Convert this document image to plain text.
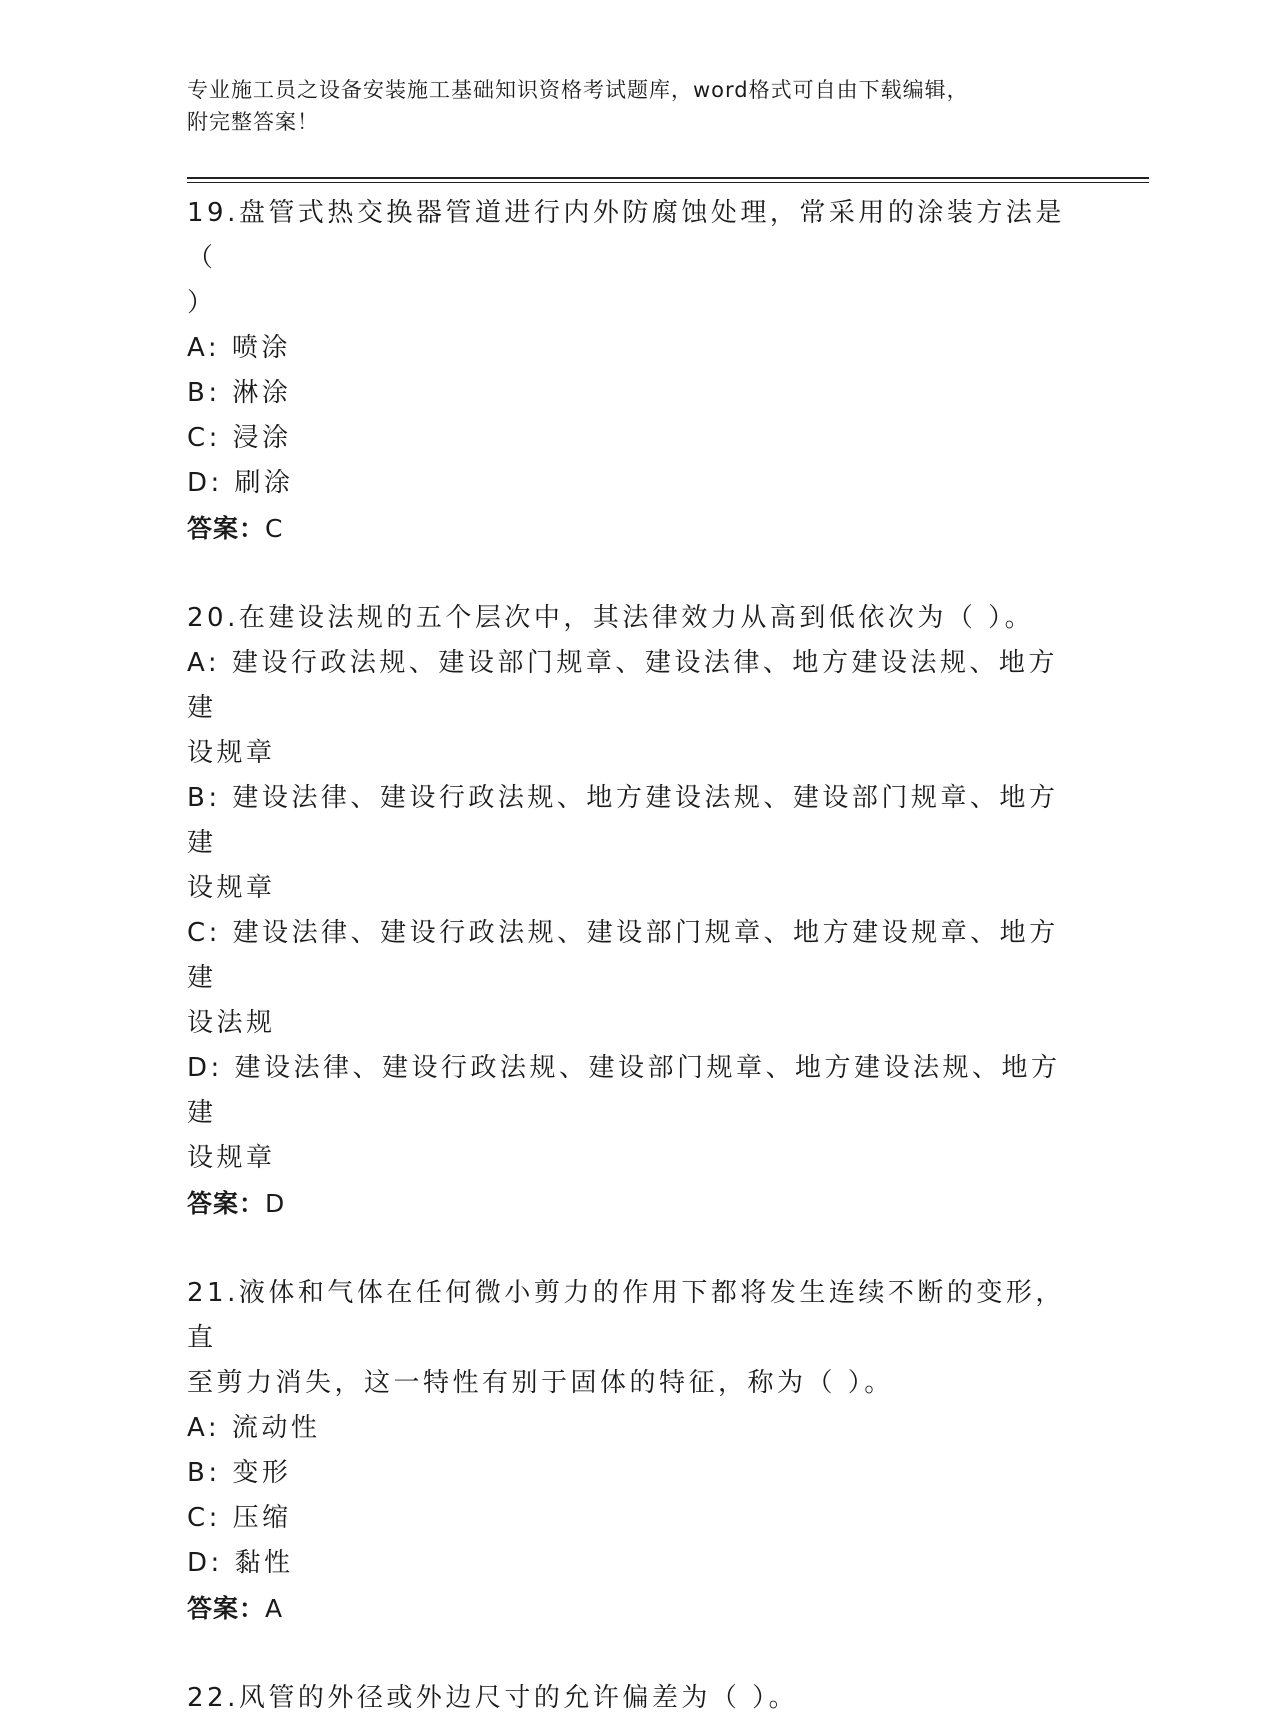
专业施工员之设备安装施工基础知识资格考试题库，word格式可自由下载编辑，
附完整答案！
19.盘管式热交换器管道进行内外防腐蚀处理，常采用的涂装方法是（
）
A: 喷涂
B: 淋涂
C: 浸涂
D: 刷涂
答案：C
20.在建设法规的五个层次中，其法律效力从高到低依次为（ ）。
A: 建设行政法规、建设部门规章、建设法律、地方建设法规、地方建
设规章
B: 建设法律、建设行政法规、地方建设法规、建设部门规章、地方建
设规章
C: 建设法律、建设行政法规、建设部门规章、地方建设规章、地方建
设法规
D: 建设法律、建设行政法规、建设部门规章、地方建设法规、地方建
设规章
答案：D
21.液体和气体在任何微小剪力的作用下都将发生连续不断的变形，直
至剪力消失，这一特性有别于固体的特征，称为（ ）。
A: 流动性
B: 变形
C: 压缩
D: 黏性
答案：A
22.风管的外径或外边尺寸的允许偏差为（ ）。
